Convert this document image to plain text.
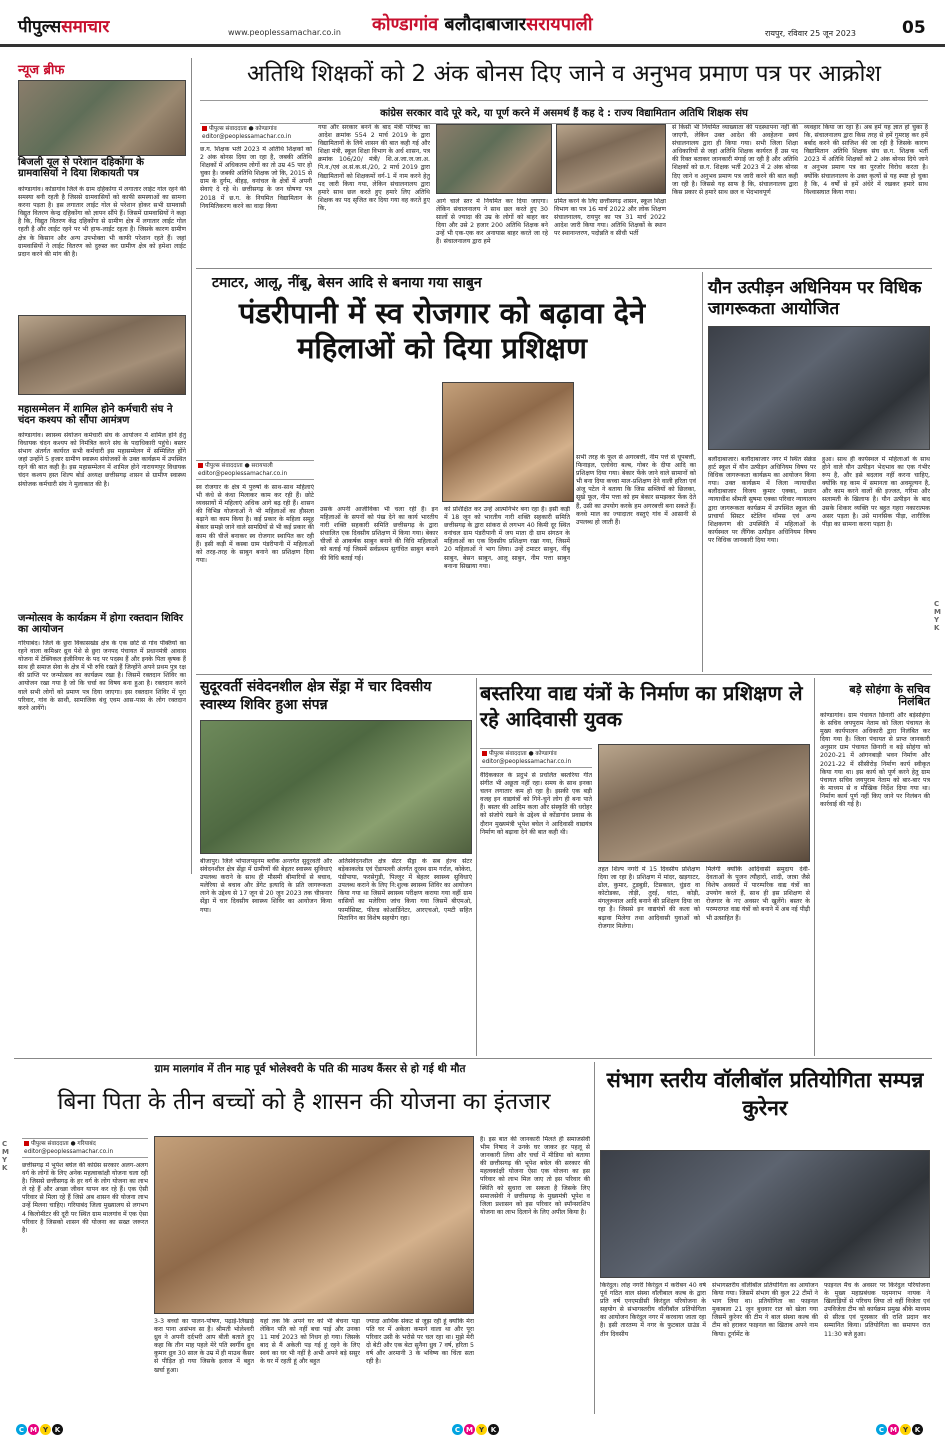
पीपुल्ससमाचार	www.peoplessamachar.co.in कोण्डागांव बलौदाबाजारसरायपाली	रायपुर, रविवार 25 जून 2023	05
न्यूज ब्रीफ
बिजली यूल से परेशान दहिकोंगा के ग्रामवासियों ने दिया शिकायती पत्र
कोण्डागांव। कोंडागांव जिले के ग्राम दहिकोंगा में लगातार लाईट गोल रहने की समस्या बनी रहती है जिससे ग्रामवासियों को काफी समस्याओं का सामना करना पड़ता है। इस लगातार लाईट गोल से परेशान होकर सभी ग्रामवासी विद्युत वितरण केन्द्र दहिकोंगा को ज्ञापन सौंपे हैं। जिसमें ग्रामवासियों ने कहा है कि, विद्युत वितरण केंद्र दहिकोंगा से ग्रामीण क्षेत्र में लगातार लाईट गोल रहती है और लाईट रहने पर भी हाफ-लाईट रहता है। जिसके कारण ग्रामीण क्षेत्र के किसान और अन्य उपभोक्ता भी काफी परेशान रहते हैं। जहां ग्रामवासियों ने लाईट वितरण को दुरुस्त कर ग्रामीण क्षेत्र को हमेशा लाईट प्रदान करने की मांग की है।
महासम्मेलन में शामिल होने कर्मचारी संघ ने चंदन कश्यप को सौंपा आमंत्रण
कोण्डागांव। स्वास्थ्य संयोजन कर्मचारी संघ के आयोजन में शामिल होने हेतु विधायक चंदन कश्यप को निमंत्रित करने संघ के पदाधिकारी पहुंचे। बस्तर संभाग अंतर्गत कार्यरत सभी कर्मचारी इस महासम्मेलन में सम्मिलित होंगे जहां उन्होंने 5 हजार ग्रामीण स्वास्थ्य संयोजकों के उक्त कार्यक्रम में उपस्थित रहने की बात कही है। इस महासम्मेलन में शामिल होने नारायणपुर विधायक चंदन कश्यप हस्त शिल्प बोर्ड अध्यक्ष छत्तीसगढ़ शासन से ग्रामीण स्वास्थ्य संयोजक कर्मचारी संघ ने मुलाकात की है।
जन्मोत्सव के कार्यक्रम में होगा रक्तदान शिविर का आयोजन
गरियाबंद। जिले के छुरा विकासखंड क्षेत्र के एक छोटे से गांव पंक्तियों का रहने वाला कमिश्नर ध्रुव पेशे से छुरा जनपद पंचायत में प्रधानमंत्री आवास योजना में टेक्निकल इंजीनियर के पद पर पदस्थ हैं और इनके पिता कृषक हैं साथ ही समाज सेवा के क्षेत्र में भी रुचि रखते हैं जिन्होंने अपने प्रथम पुत्र रक्ष की प्राप्ति पर जन्मोत्सव का कार्यक्रम रखा है। जिसमें रक्तदान शिविर का आयोजन रखा गया है जो कि चर्चा का विषय बना हुआ है। रक्तदान करने वाले सभी लोगों को प्रमाण पत्र दिया जाएगा। इस रक्तदान शिविर में पूरा परिवार, गांव के साथी, सामाजिक बंधु एवम आस-पास के लोग रक्तदान करने आयेंगे।
अतिथि शिक्षकों को 2 अंक बोनस दिए जाने व अनुभव प्रमाण पत्र पर आक्रोश
कांग्रेस सरकार वादे पूरे करे, या पूर्ण करने में असमर्थ हैं कह दे : राज्य विद्यामितान अतिथि शिक्षक संघ
पीपुल्स संवाददाता ● कोण्डागांव
editor@peoplessamachar.co.in
छ.ग. शिक्षक भर्ती 2023 में अतिथि शिक्षकों को 2 अंक बोनस दिया जा रहा है, जबकी अतिथि शिक्षकों में अधिकतम लोगों का तो उम्र 45 पार हो चुका है। जबकी अतिथि शिक्षक जो कि, 2015 से ग्राम के दुर्गम, बीहड़, वनांचल के क्षेत्रों में अपनी सेवाएं दे रहे थे। छत्तीसगढ़ के जन घोषणा पत्र 2018 में छ.ग. के नियमित विद्यामितान के नियमितिकरण करने का वादा किया
गया और सरकार बनने के बाद मंत्री परिषद का आदेश क्रमांक 554 2 मार्च 2019 के द्वारा विद्यामितानों के लिये शासन की बात कही गई और शिक्षा मंत्री, स्कूल शिक्षा विभाग के अर्ध शासन, पत्र क्रमांक 106/20/ मंत्री/ शि.अ.जा.ज.जा.अ. पि.व./एवं अ.सं.क.सं./20, 2 मार्च 2019 द्वारा विद्यामितानों को शिक्षकमों वर्ग-1 में नाम करने हेतु पद जारी किया गया, लेकिन संचालनालय द्वारा हमारे साथ छल करते हुए हमारे लिए अतिथि शिक्षक का पद सृजित कर दिया गया वह करते हुए कि,
आगे चाले स्तर में नियमित कर दिया जाएगा। लेकिन संचालनालय ने साथ छल करते हुए 30 सालों से ज्यादा की उम्र के लोगों को बाहर कर दिया और उसे 2 हजार 200 अतिथि शिक्षक बने उन्हें भी एक-एक कर अनायास बाहर करते जा रहे हैं। संचालनालय द्वारा हमे
प्रमित करने के लिए छत्तीसगढ़ शासन, स्कूल शिक्षा विभाग का पत्र 16 मार्च 2022 और लोक शिक्षण संचालनालय, रायपुर का पत्र 31 मार्च 2022 आदेश जारी किया गया। अतिथि शिक्षकों के स्थान पर स्थानान्तरण, पदोन्नति व सीधी भर्ती
से किसी भी नियमित व्याख्याता की पदस्थापना नहीं की जाएगी, लेकिन उक्त आदेश की अवहेलना स्वयं संचालनालय द्वारा ही किया गया। सभी जिला शिक्षा अधिकारियों से जहां अतिथि शिक्षक कार्यरत हैं उस पद की रिक्त बताकर जानकारी मंगाई जा रही है और अतिथि शिक्षकों को छ.ग. शिक्षक भर्ती 2023 में 2 अंक बोनस दिए जाने व अनुभव प्रमाण पत्र जारी करने की बात कही जा रही है। जिससे यह साफ है कि, संचालनालय द्वारा किस प्रकार से हमारे साथ छल व भेदभावपूर्ण
व्यवहार किया जा रहा है। अब हमें यह ज्ञात हो चुका है कि, संचालनालय द्वारा किस तरह से हमें गुमराह कर हमें बर्बाद करने की साजिश की जा रही है जिसके कारण विद्यामितान अतिथि शिक्षक संघ छ.ग. शिक्षक भर्ती 2023 में अतिथि शिक्षकों को 2 अंक बोनस दिये जाने व अनुभव प्रमाण पत्र का पुरजोर विरोध करता है। क्योंकि संचालनालय के उक्त कृत्यों से यह स्पष्ट हो चुका है कि, 4 वर्षों से हमें अंधेरे में रखकर हमारे साथ विश्वासघात किया गया।
टमाटर, आलू, नींबू, बेसन आदि से बनाया गया साबुन
पंडरीपानी में स्व रोजगार को बढ़ावा देने महिलाओं को दिया प्रशिक्षण
पीपुल्स संवाददाता ● सरायपाली
editor@peoplessamachar.co.in
स्व रोजगार के क्षेत्र में पुरुषों के साथ-साथ महिलाएं भी कंधे से कंधा मिलाकर काम कर रही हैं। छोटे व्यवसायों में महिलाएं अधिक आगे बढ़ रही हैं। शासन की विभिन्न योजनाओं ने भी महिलाओं का हौसला बढ़ाने का काम किया है। कई प्रकार के महिला समूह बेकार समझे जाने वाले सामग्रियों से भी कई प्रकार की काम की चीजें बनाकर स्व रोजगार स्थापित कर रही हैं। इसी कड़ी में कस्बा ग्राम पंडरीपानी में महिलाओं को तरह-तरह के साबुन बनाने का प्रशिक्षण दिया गया।
उसके अपनी आजीविका भी चला रही हैं। इन महिलाओं के सपनों को पंख देने का कार्य भारतीय नारी शक्ति सहकारी समिति छत्तीसगढ़ के द्वारा संचालित एक दिवसीय प्रशिक्षण में किया गया। बेकार चीजों से आकर्षक साबुन बनाने की विधि महिलाओं को बताई गई जिसमें सर्वप्रथम सुगंधित साबुन बनाने की विधि बताई गई।
को प्रशिक्षित कर उन्हें आत्मनिर्भर बना रहा है। इसी कड़ी में 18 जून को भारतीय नारी शक्ति सहकारी समिति छत्तीसगढ़ के द्वारा सांकरा से लगभग 40 किमी दूर स्थित वनांचल ग्राम पंडरीपानी में जय माता दी ग्राम संगठन के महिलाओं का एक दिवसीय प्रशिक्षण रखा गया, जिसमें 20 महिलाओं ने भाग लिया। उन्हें टमाटर साबुन, नींबू साबुन, बेसन साबुन, आलू साबुन, नीम पत्ता साबुन बनाना सिखाया गया।
सभी तरह के फूल से अगरबत्ती, नीम पत्ते से धूपबत्ती, फिनाइल, एलोवेरा बल्ब, गोबर के दीया आदि का प्रशिक्षण दिया गया। बेकार फेंके जाने वाले सामानों को भी बना दिया कच्चा माल-प्रशिक्षण देने वाली हरिता एवं अंजू पटेल ने बताया कि जिस सब्जियों को छिलका, सूखे फूल, नीम पत्ता को हम बेकार समझकर फेंक देते हैं, उसी का उपयोग करके हम अगरबत्ती बना सकते हैं। कच्चे माल का ज्यादातर वस्तुएं गांव में आसानी से उपलब्ध हो जाती हैं।
यौन उत्पीड़न अधिनियम पर विधिक जागरूकता आयोजित
बलौदाबाजार। बलौदाबाजार नगर में स्थित सेक्रेड हार्ट स्कूल में यौन उत्पीड़न अधिनियम विषय पर विधिक जागरूकता कार्यक्रम का आयोजन किया गया। उक्त कार्यक्रम में जिला न्यायाधीश बलौदाबाजार विजय कुमार एक्का, प्रधान न्यायाधीश श्रीमती सुषमा एक्का परिवार न्यायालय द्वारा जागरूकता कार्यक्रम में उपस्थित स्कूल की प्राचार्या सिस्टर स्टेलिन थॉमस एवं अन्य शिक्षकगण की उपस्थिति में महिलाओं के कार्यस्थल पर लैंगिक उत्पीड़न अधिनियम विषय पर विधिक जानकारी दिया गया।
हुआ। साथ ही कार्यस्थल में महिलाओं के साथ होने वाले यौन उत्पीड़न भेदभाव का एक गंभीर रूप है, और इसे बदलाव नहीं करना चाहिए, क्योंकि यह काम में समानता का अवमूल्यन है, और काम करने वालों की इज्जत, गरिमा और सलामती के खिलाफ है। यौन उत्पीड़न के बाद उसके शिकार व्यक्ति पर बहुत गहरा नकारात्मक असर पड़ता है। उसे मानसिक पीड़ा, शारीरिक पीड़ा का सामना करना पड़ता है।
सुदूरवर्ती संवेदनशील क्षेत्र सेंड्रा में चार दिवसीय स्वास्थ्य शिविर हुआ संपन्न
बीजापुर। जिले भोपालपट्टनम ब्लॉक अन्तर्गत सुदूरवर्ती और संवेदनशील क्षेत्र सेंड्रा में ग्रामीणों की बेहतर स्वास्थ्य सुविधाएं उपलब्ध कराने के साथ ही मौसमी बीमारियों से बचाव, मलेरिया से बचाव और डेंगेट इत्यादि के प्रति जागरूकता लाने के उद्देश्य से 17 जून से 20 जून 2023 तक चीफ़नार सेंड्रा में चार दिवसीय स्वास्थ्य शिविर का आयोजन किया गया।
अतिसंवेदनशील क्षेत्र सेंटर सैंड्रा के सब हेल्थ सेंटर बड़ेकाकलेड एवं ऐंडापल्ली अंतर्गत दूरस्थ ग्राम गर्राल, कोकेरा, पंडीपाया, फरसेगुडी, पिल्लूर में बेहतर स्वास्थ्य सुविधाएं उपलब्ध कराने के लिए नि:शुल्क स्वास्थ्य शिविर का आयोजन किया गया था जिसमें स्वास्थ्य परीक्षण कराया गया वहीं ग्राम वासियों का मलेरिया जांच किया गया जिसमें बीएमओ, फार्मासिस्ट, फील्ड कोआर्डिनेटर, आरएचओ, एमटी सहित मितानिन का विशेष सहयोग रहा।
बस्तरिया वाद्य यंत्रों के निर्माण का प्रशिक्षण ले रहे आदिवासी युवक
पीपुल्स संवाददाता ● कोण्डागांव
editor@peoplessamachar.co.in
वैदिककाल के प्रदुर्भ से प्रचलित बस्तरिया गीत संगीत भी अछूता नहीं रहा। समय के साथ इनका चलन लगातार कम हो रहा है। इसकी एक बड़ी वजह इन वाद्ययंत्रों को गिने-चुने लोग ही बना पाते हैं। बस्तर की आदिम कला और संस्कृति की धरोहर को संजोये रखने के उद्देश्य से कोंडागांव प्रवास के दौरान मुख्यमंत्री भूपेश बघेल ने आदिवासी वाद्ययंत्र निर्माण को बढ़ावा देने की बात कही थी।
तहत शिल्प नगरी में 15 दिवसीय प्रशिक्षण दिया जा रहा है। प्रशिक्षण में मांदर, खड़गाटर, ढोल, कुमार, टुडबुडी, टिसकाल, धुंडरा वा कोटोडका, तोड़ी, तुरई, घांटा, कोड़ी, मंगलुरूवाल आदि बनाने की प्रशिक्षण दिया जा रहा है। जिससे इन वाद्ययंत्रों की कला को बढ़ावा मिलेगा तथा आदिवासी युवाओं को रोजगार मिलेगा।
मिलेगी क्योंकि आदिवासी समुदाय देवी-देवताओं के पूजन त्यौहारों, शादी, जात्रा जैसे विशेष अवसरों में पारम्परिक वाद्य यंत्रों का उपयोग करते हैं, साथ ही इस प्रशिक्षण से रोजगार के नए अवसर भी खुलेंगे। बस्तर के परम्परागत वाद्य यंत्रों को बनाने में अब नई पीढ़ी भी उत्साहित हैं।
बड़े सोहंगा के सचिव निलंबित
कोण्डागांव। ग्राम पंचायत छिनारी और बड़ेसोहंगा के सचिव जयपुराम नेताम को जिला पंचायत के मुख्य कार्यपालन अधिकारी द्वारा निलंबित कर दिया गया है। जिला पंचायत से प्राप्त जानकारी अनुसार ग्राम पंचायत छिनारी व बड़े सोहंगा को 2020-21 में आंगनबाड़ी भवन निर्माण और 2021-22 में सीसीरोड़ निर्माण कार्य स्वीकृत किया गया था। इस कार्य को पूर्ण करने हेतु ग्राम पंचायत सचिव जयपुराम नेताम को बार-बार पत्र के माध्यम से व मौखिक निर्देश दिया गया था। निर्माण कार्य पूर्ण नहीं किए जाने पर निलंबन की कार्रवाई की गई है।
ग्राम मालगांव में तीन माह पूर्व भोलेश्वरी के पति की माउथ कैंसर से हो गई थी मौत
बिना पिता के तीन बच्चों को है शासन की योजना का इंतजार
पीपुल्स संवाददाता ● गरियाबंद
editor@peoplessamachar.co.in
छत्तीसगढ़ में भूपेश बघेल की कांग्रेस सरकार अलग-अलग वर्ग के लोगों के लिए अनेक महत्वाकांक्षी योजना चला रही है। जिससे छत्तीसगढ़ के हर वर्ग के लोग योजना का लाभ ले रहे हैं और अच्छा जीवन यापन कर रहे हैं। एक ऐसी परिवार से मिला रहे हैं जिसे अब शासन की योजना लाभ उन्हें मिलना चाहिए। गरियाबंद जिला मुख्यालय से लगभग 4 किलोमीटर की दूरी पर स्थित ग्राम मालगांव में एक ऐसा परिवार है जिसको शासन की योजना का सख्त जरूरत है।
3-3 बच्चों का पालन-पोषण, पढ़ाई-लिखाई करा पाना असंभव सा है। श्रीमती भोलेश्वरी ध्रुव ने अपनी दर्दभरी आप बीती बताते हुए कहा कि तीन माह पहले मेरे पति स्वर्गीय ध्रुव कुमार ध्रुव 30 साल के उम्र में ही माउथ कैंसर से पीड़ित हो गया जिसके इलाज में बहुत खर्चा हुआ।
यहां तक कि अपने घर को भी बेचना पड़ा लेकिन पति को नहीं बचा पाई और उनका 11 मार्च 2023 को निधन हो गया। जिसके बाद से मैं अकेली पड़ गई हूं रहने के लिए स्वयं का घर भी नहीं है अभी अपने बड़े ससुर के घर में रहती हूं और बहुत
ज्यादा आर्थिक संकट से जूझ रही हूं क्योंकि मेरा पति घर में अकेला कमाने वाला था और पूरा परिवार उसी के भरोसे पर चल रहा था। मुझे मेरी दो बेटी और एक बेटा सुनैना ध्रुव 7 वर्ष, हरिता 5 वर्ष और अरमानी 3 के भविष्य का चिंता सता रही है।
है। इस बात की जानकारी मिलते ही समाजसेवी भीम निषाद ने उनके घर जाकर हर पहलू से जानकारी लिया और चर्चा में मीडिया को बताया की छत्तीसगढ़ की भूपेश बघेल की सरकार की महत्वकांक्षी योजना ऐसा एक योजना का इस परिवार को लाभ मिल जाए तो इस परिवार की स्थिति को सुधारा जा सकता है जिसके लिए समाजसेवी ने छत्तीसगढ़ के मुख्यमंत्री भूपेश व जिला प्रशासन को इस परिवार को स्पॉन्सरशिप योजना का लाभ दिलाने के लिए अपील किया है।
संभाग स्तरीय वॉलीबॉल प्रतियोगिता सम्पन्न कुरेनर
किरंदुल। लोह नगरी किरंदुल में करीबन 40 वर्ष पूर्व गठित वाल संस्था वॉलीबाल कल्ब के द्वारा प्रति वर्ष एनएमडीसी किरंदुल परियोजना के सहयोग से संभागस्तरीय वॉलीबॉल प्रतियोगिता का आयोजन किरंदुल नगर में करवाया जाता रहा है। इसी तारतम्य में नगर के फुटबाल ग्राउंड में तीन दिवसीय
संभागस्तरीय वॉलीबॉल प्रतियोगिता का आयोजन किया गया। जिसमें संभाग की कुल 22 टीमों ने भाग लिया था। प्रतियोगिता का फाइनल मुकाबला 21 जून बुधवार रात को खेला गया जिसमें कुरेनर की टीम ने बाल संस्था कल्ब की टीम को हराकर फाइनल का खिताब अपने नाम किया। टूर्नामेंट के
फाइनल मैच के अवसर पर किरंदुल परियोजना के मुख्य महाप्रबंधक पदमनाभ नायक ने खिलाड़ियों से परिचय लिया तो वहीं विजेता एवं उपविजेता टीम को कार्यक्रम प्रमुख श्रीके माध्यम से सील्ड एवं पुरस्कार की राशि प्रदान कर सम्मानित किया। प्रतियोगिता का समापन रात 11:30 बजे हुआ।
C M Y K	C M Y K	C M Y K
CMYK
CMYK
